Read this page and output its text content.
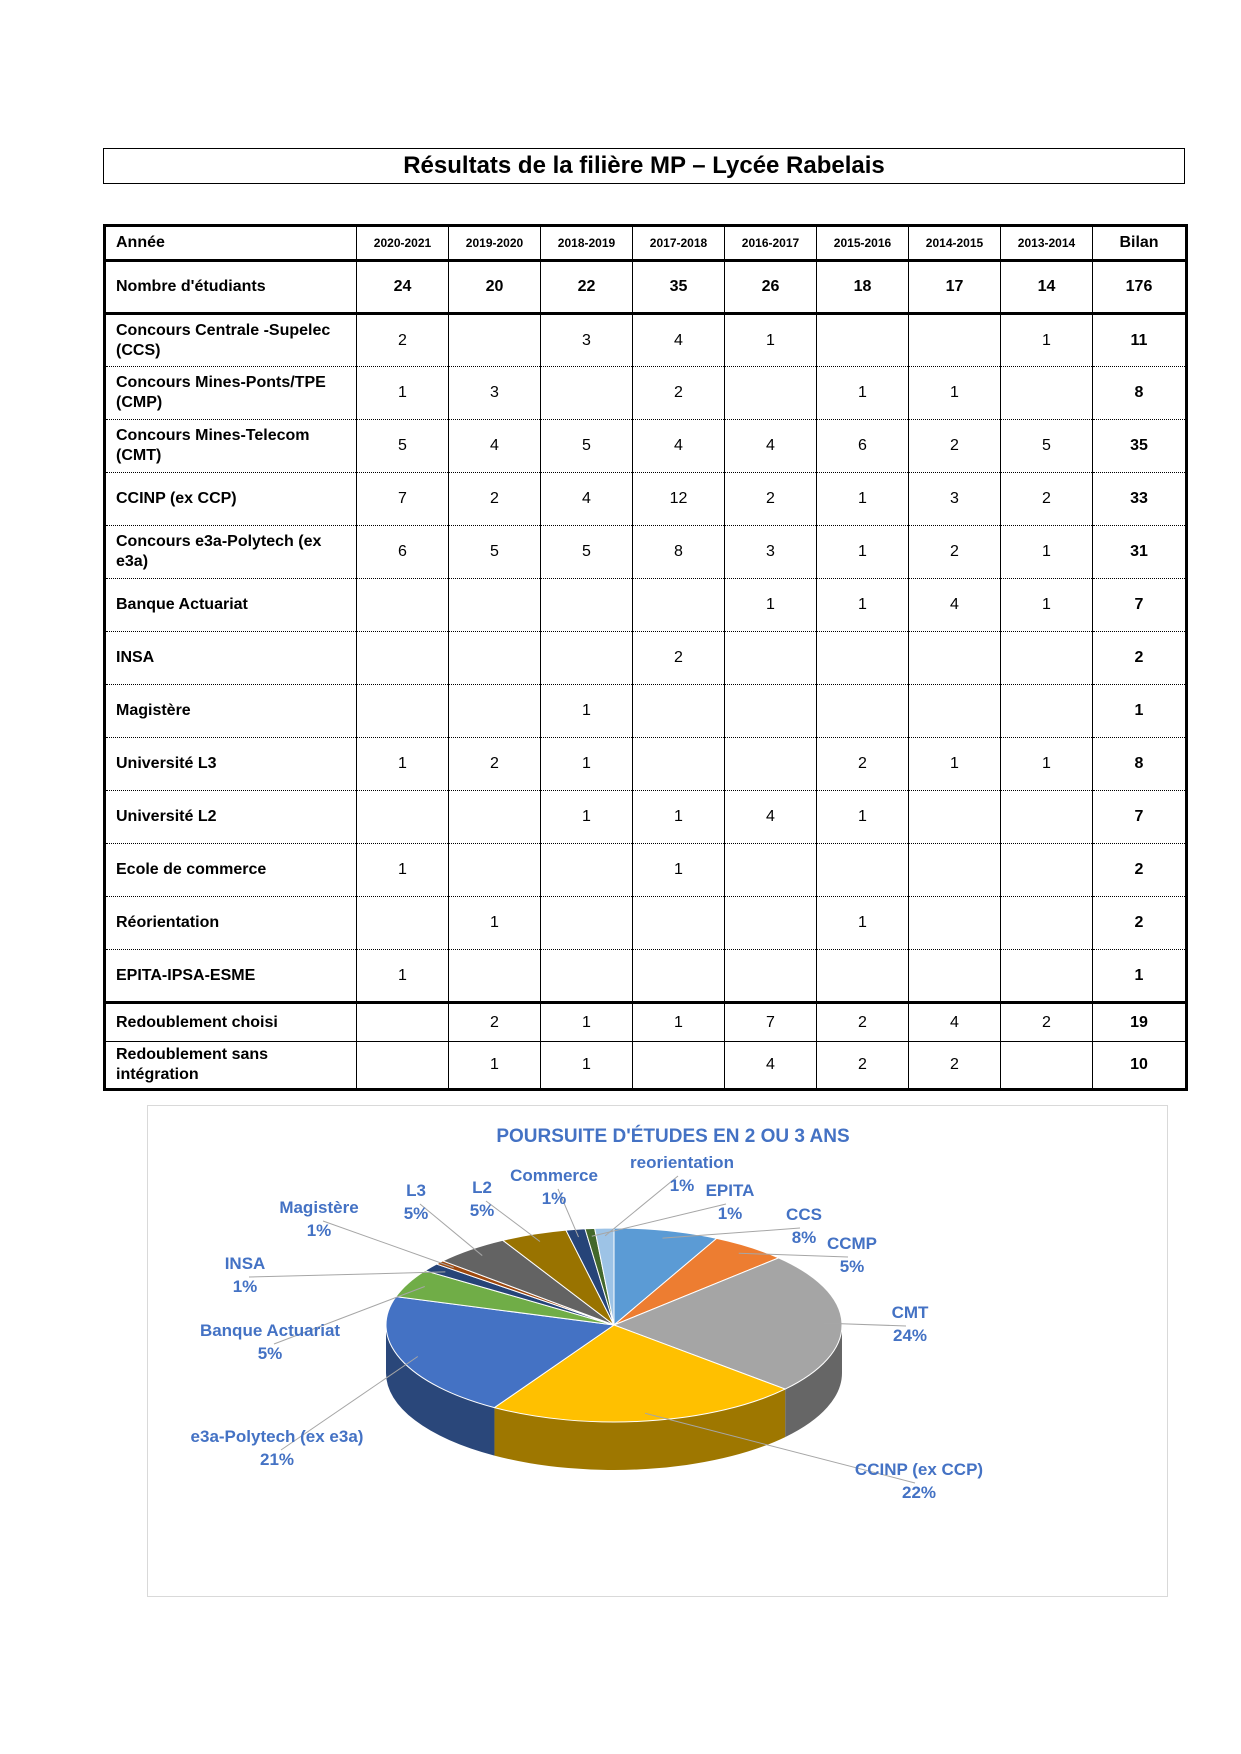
Résultats de la filière MP – Lycée Rabelais
Année	2020-2021	2019-2020	2018-2019	2017-2018	2016-2017	2015-2016	2014-2015	2013-2014	Bilan
Nombre d'étudiants	24	20	22	35	26	18	17	14	176
Concours Centrale -Supelec (CCS)	2		3	4	1			1	11
Concours Mines-Ponts/TPE (CMP)	1	3		2		1	1		8
Concours Mines-Telecom (CMT)	5	4	5	4	4	6	2	5	35
CCINP (ex CCP)	7	2	4	12	2	1	3	2	33
Concours e3a-Polytech (ex e3a)	6	5	5	8	3	1	2	1	31
Banque Actuariat					1	1	4	1	7
INSA				2					2
Magistère			1						1
Université L3	1	2	1			2	1	1	8
Université L2			1	1	4	1			7
Ecole de commerce	1			1					2
Réorientation		1				1			2
EPITA-IPSA-ESME	1								1
Redoublement choisi		2	1	1	7	2	4	2	19
Redoublement sans intégration		1	1		4	2	2		10
POURSUITE D'ÉTUDES EN 2 OU 3 ANS
CCS
8% CCMP
5%
CMT
24%
CCINP (ex CCP)
22%
e3a-Polytech (ex e3a)
21%
Banque Actuariat
5%
INSA
1%
Magistère
1%
L3
5%
L2
5%
Commerce
1%	EPITA
1%
reorientation
1%
